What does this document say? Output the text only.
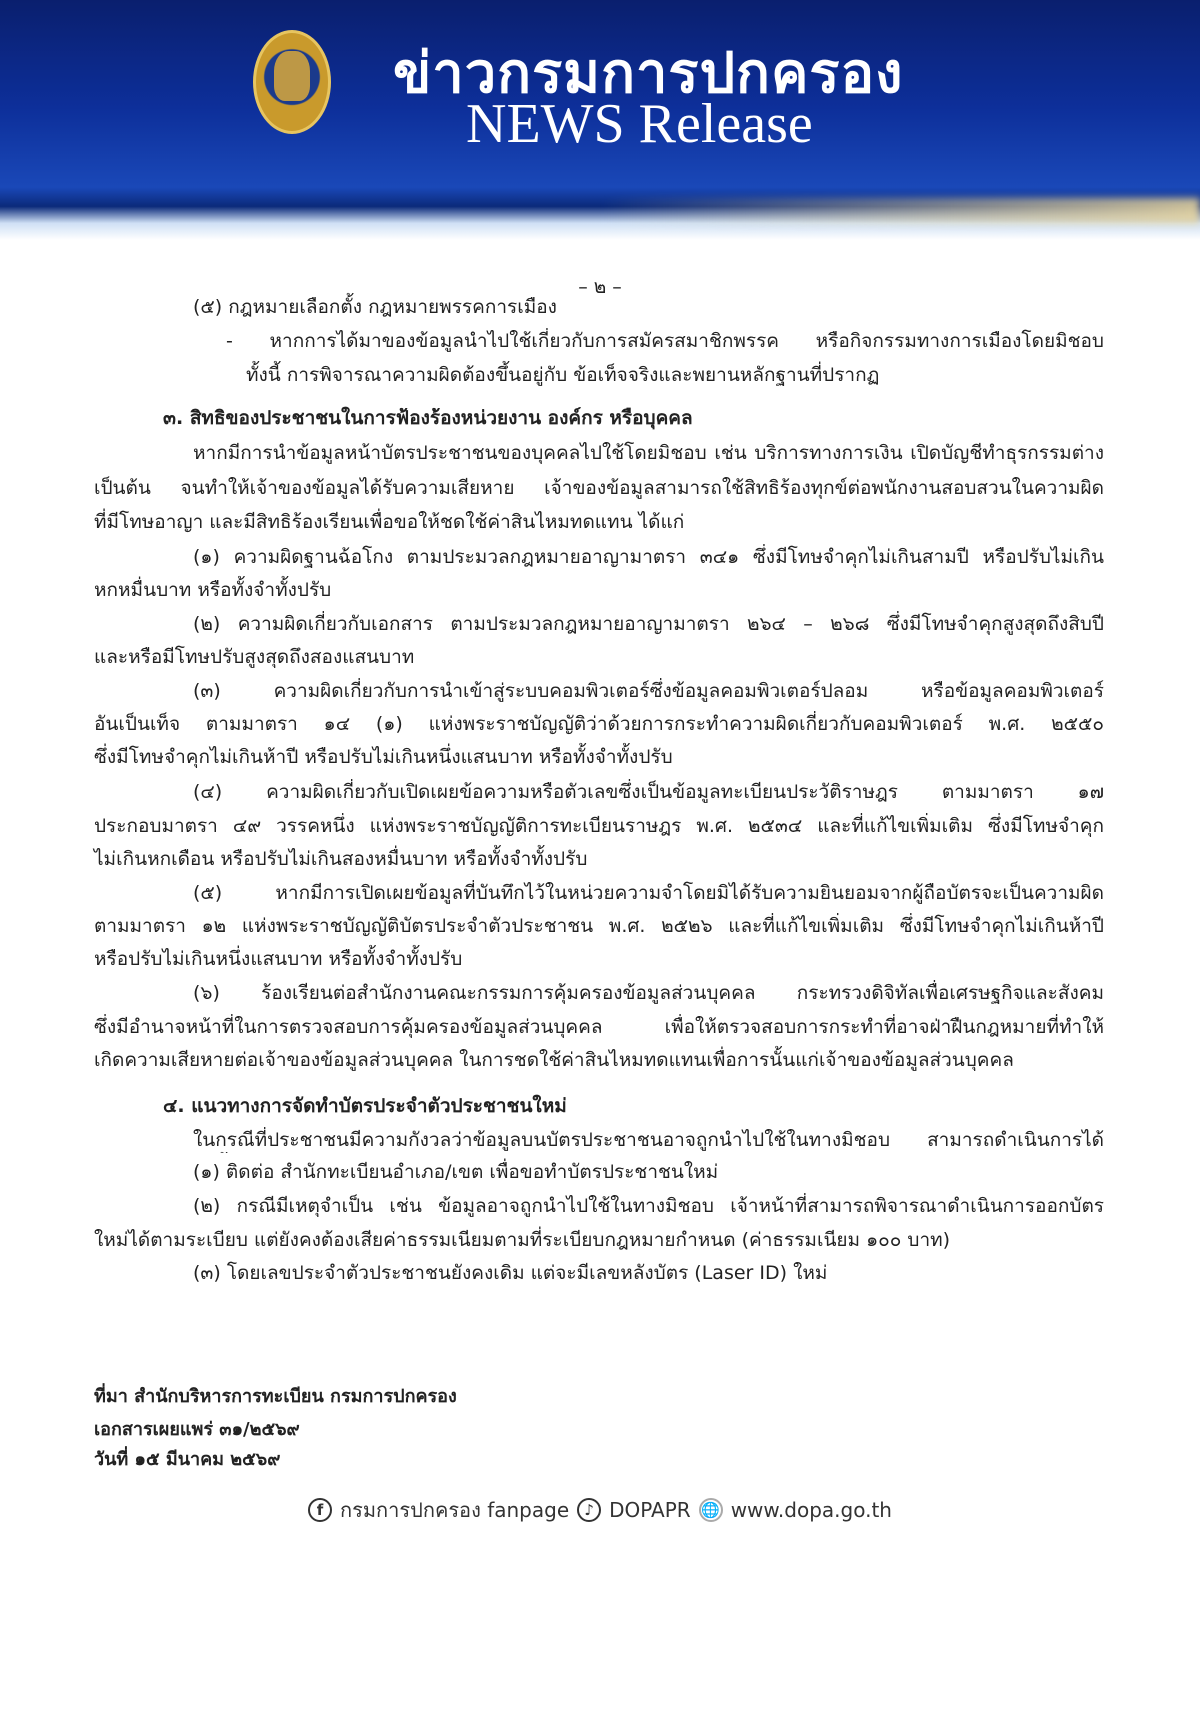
ข่าวกรมการปกครอง
NEWS Release
– ๒ –
(๕) กฎหมายเลือกตั้ง กฎหมายพรรคการเมือง
- หากการได้มาของข้อมูลนำไปใช้เกี่ยวกับการสมัครสมาชิกพรรค หรือกิจกรรมทางการเมืองโดยมิชอบ
ทั้งนี้ การพิจารณาความผิดต้องขึ้นอยู่กับ ข้อเท็จจริงและพยานหลักฐานที่ปรากฏ
๓. สิทธิของประชาชนในการฟ้องร้องหน่วยงาน องค์กร หรือบุคคล
หากมีการนำข้อมูลหน้าบัตรประชาชนของบุคคลไปใช้โดยมิชอบ เช่น บริการทางการเงิน เปิดบัญชีทำธุรกรรมต่าง
เป็นต้น จนทำให้เจ้าของข้อมูลได้รับความเสียหาย เจ้าของข้อมูลสามารถใช้สิทธิร้องทุกข์ต่อพนักงานสอบสวนในความผิด
ที่มีโทษอาญา และมีสิทธิร้องเรียนเพื่อขอให้ชดใช้ค่าสินไหมทดแทน ได้แก่
(๑) ความผิดฐานฉ้อโกง ตามประมวลกฎหมายอาญามาตรา ๓๔๑ ซึ่งมีโทษจำคุกไม่เกินสามปี หรือปรับไม่เกิน
หกหมื่นบาท หรือทั้งจำทั้งปรับ
(๒) ความผิดเกี่ยวกับเอกสาร ตามประมวลกฎหมายอาญามาตรา ๒๖๔ – ๒๖๘ ซึ่งมีโทษจำคุกสูงสุดถึงสิบปี
และหรือมีโทษปรับสูงสุดถึงสองแสนบาท
(๓) ความผิดเกี่ยวกับการนำเข้าสู่ระบบคอมพิวเตอร์ซึ่งข้อมูลคอมพิวเตอร์ปลอม หรือข้อมูลคอมพิวเตอร์
อันเป็นเท็จ ตามมาตรา ๑๔ (๑) แห่งพระราชบัญญัติว่าด้วยการกระทำความผิดเกี่ยวกับคอมพิวเตอร์ พ.ศ. ๒๕๕๐
ซึ่งมีโทษจำคุกไม่เกินห้าปี หรือปรับไม่เกินหนึ่งแสนบาท หรือทั้งจำทั้งปรับ
(๔) ความผิดเกี่ยวกับเปิดเผยข้อความหรือตัวเลขซึ่งเป็นข้อมูลทะเบียนประวัติราษฎร ตามมาตรา ๑๗
ประกอบมาตรา ๔๙ วรรคหนึ่ง แห่งพระราชบัญญัติการทะเบียนราษฎร พ.ศ. ๒๕๓๔ และที่แก้ไขเพิ่มเติม ซึ่งมีโทษจำคุก
ไม่เกินหกเดือน หรือปรับไม่เกินสองหมื่นบาท หรือทั้งจำทั้งปรับ
(๕) หากมีการเปิดเผยข้อมูลที่บันทึกไว้ในหน่วยความจำโดยมิได้รับความยินยอมจากผู้ถือบัตรจะเป็นความผิด
ตามมาตรา ๑๒ แห่งพระราชบัญญัติบัตรประจำตัวประชาชน พ.ศ. ๒๕๒๖ และที่แก้ไขเพิ่มเติม ซึ่งมีโทษจำคุกไม่เกินห้าปี
หรือปรับไม่เกินหนึ่งแสนบาท หรือทั้งจำทั้งปรับ
(๖) ร้องเรียนต่อสำนักงานคณะกรรมการคุ้มครองข้อมูลส่วนบุคคล กระทรวงดิจิทัลเพื่อเศรษฐกิจและสังคม
ซึ่งมีอำนาจหน้าที่ในการตรวจสอบการคุ้มครองข้อมูลส่วนบุคคล เพื่อให้ตรวจสอบการกระทำที่อาจฝ่าฝืนกฎหมายที่ทำให้
เกิดความเสียหายต่อเจ้าของข้อมูลส่วนบุคคล ในการชดใช้ค่าสินไหมทดแทนเพื่อการนั้นแก่เจ้าของข้อมูลส่วนบุคคล
๔. แนวทางการจัดทำบัตรประจำตัวประชาชนใหม่
ในกรณีที่ประชาชนมีความกังวลว่าข้อมูลบนบัตรประชาชนอาจถูกนำไปใช้ในทางมิชอบ สามารถดำเนินการได้
(๑) ติดต่อ สำนักทะเบียนอำเภอ/เขต เพื่อขอทำบัตรประชาชนใหม่
(๒) กรณีมีเหตุจำเป็น เช่น ข้อมูลอาจถูกนำไปใช้ในทางมิชอบ เจ้าหน้าที่สามารถพิจารณาดำเนินการออกบัตร
ใหม่ได้ตามระเบียบ แต่ยังคงต้องเสียค่าธรรมเนียมตามที่ระเบียบกฎหมายกำหนด (ค่าธรรมเนียม ๑๐๐ บาท)
(๓) โดยเลขประจำตัวประชาชนยังคงเดิม แต่จะมีเลขหลังบัตร (Laser ID) ใหม่
ที่มา สำนักบริหารการทะเบียน กรมการปกครอง
เอกสารเผยแพร่ ๓๑/๒๕๖๙
วันที่ ๑๕ มีนาคม ๒๕๖๙
f กรมการปกครอง fanpage	♪ DOPAPR 🌐 www.dopa.go.th
